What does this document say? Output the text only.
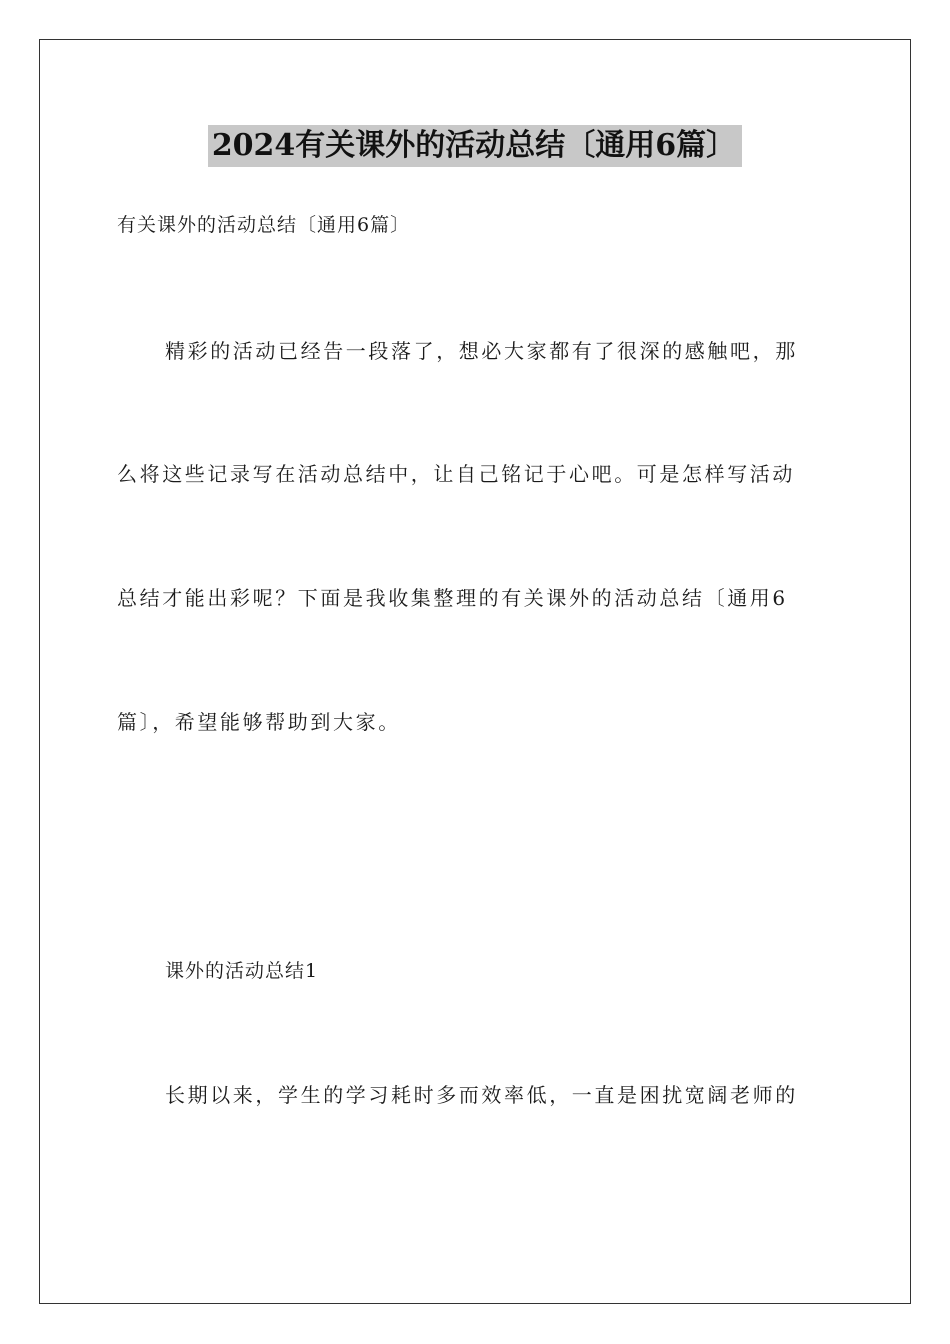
2024有关课外的活动总结〔通用6篇〕
有关课外的活动总结〔通用6篇〕
精彩的活动已经告一段落了，想必大家都有了很深的感触吧，那
么将这些记录写在活动总结中，让自己铭记于心吧。可是怎样写活动
总结才能出彩呢？下面是我收集整理的有关课外的活动总结〔通用6
篇〕，希望能够帮助到大家。
课外的活动总结1
长期以来，学生的学习耗时多而效率低，一直是困扰宽阔老师的
